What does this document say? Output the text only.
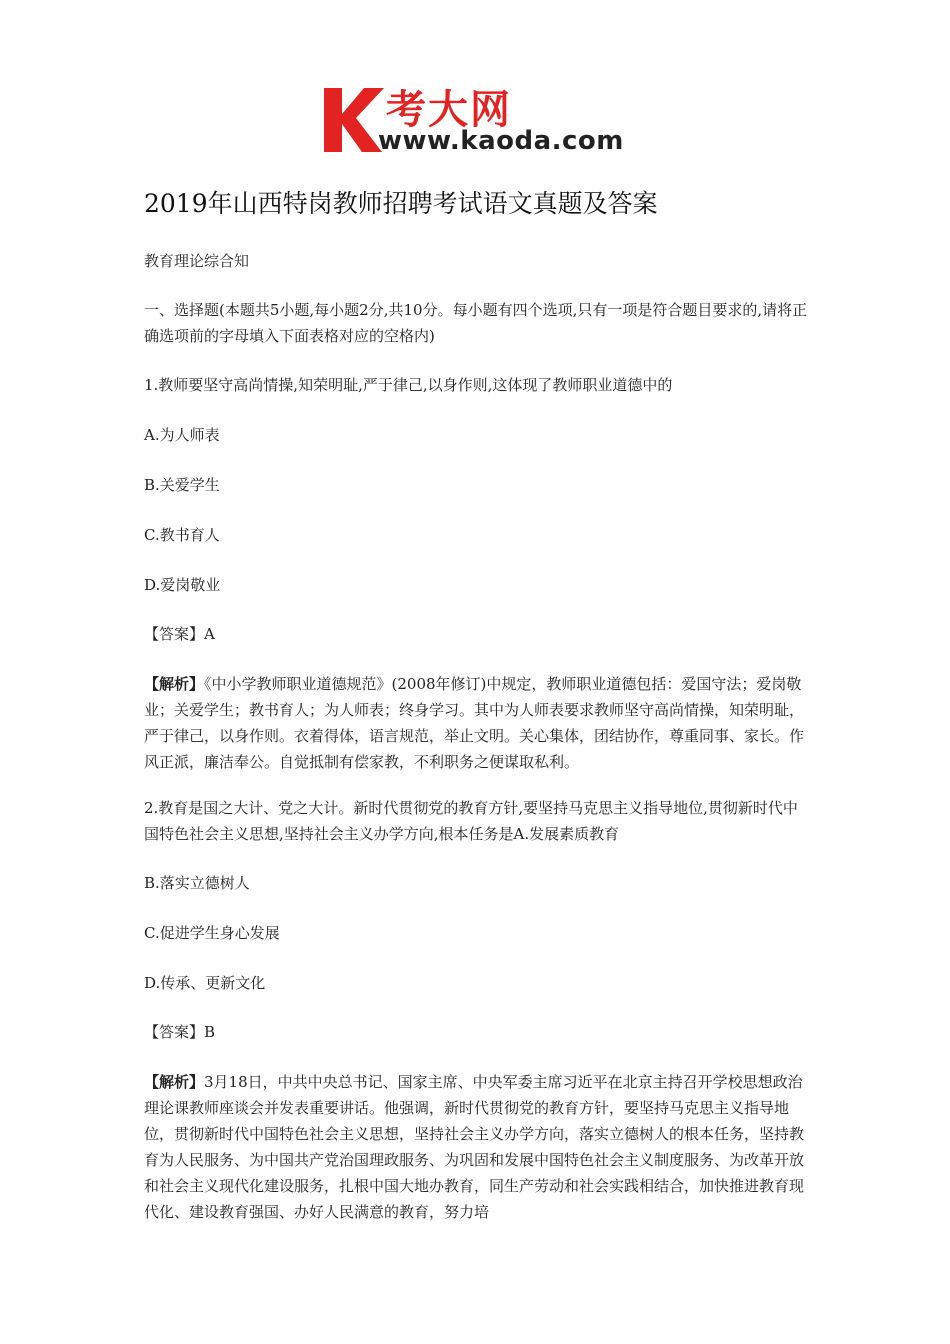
考大网
www.kaoda.com
2019年山西特岗教师招聘考试语文真题及答案
教育理论综合知
一、选择题(本题共5小题,每小题2分,共10分。每小题有四个选项,只有一项是符合题目要求的,请将正确选项前的字母填入下面表格对应的空格内)
1.教师要坚守高尚情操,知荣明耻,严于律己,以身作则,这体现了教师职业道德中的
A.为人师表
B.关爱学生
C.教书育人
D.爱岗敬业
【答案】A
【解析】《中小学教师职业道德规范》(2008年修订)中规定，教师职业道德包括：爱国守法；爱岗敬业；关爱学生；教书育人；为人师表；终身学习。其中为人师表要求教师坚守高尚情操，知荣明耻，严于律己，以身作则。衣着得体，语言规范，举止文明。关心集体，团结协作，尊重同事、家长。作风正派，廉洁奉公。自觉抵制有偿家教，不利职务之便谋取私利。
2.教育是国之大计、党之大计。新时代贯彻党的教育方针,要坚持马克思主义指导地位,贯彻新时代中国特色社会主义思想,坚持社会主义办学方向,根本任务是A.发展素质教育
B.落实立德树人
C.促进学生身心发展
D.传承、更新文化
【答案】B
【解析】3月18日，中共中央总书记、国家主席、中央军委主席习近平在北京主持召开学校思想政治理论课教师座谈会并发表重要讲话。他强调，新时代贯彻党的教育方针，要坚持马克思主义指导地位，贯彻新时代中国特色社会主义思想，坚持社会主义办学方向，落实立德树人的根本任务，坚持教育为人民服务、为中国共产党治国理政服务、为巩固和发展中国特色社会主义制度服务、为改革开放和社会主义现代化建设服务，扎根中国大地办教育，同生产劳动和社会实践相结合，加快推进教育现代化、建设教育强国、办好人民满意的教育，努力培
